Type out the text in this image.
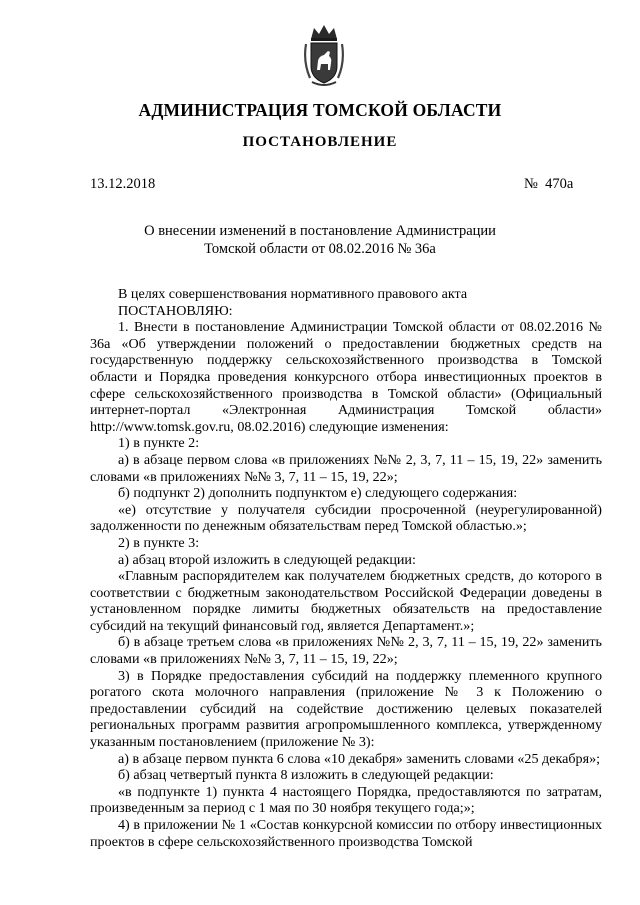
АДМИНИСТРАЦИЯ ТОМСКОЙ ОБЛАСТИ
ПОСТАНОВЛЕНИЕ
13.12.2018	№  470а
О внесении изменений в постановление Администрации
Томской области от 08.02.2016 № 36а

В целях совершенствования нормативного правового акта

ПОСТАНОВЛЯЮ:

1. Внести в постановление Администрации Томской области от 08.02.2016 № 36а «Об утверждении положений о предоставлении бюджетных средств на государственную поддержку сельскохозяйственного производства в Томской области и Порядка проведения конкурсного отбора инвестиционных проектов в сфере сельскохозяйственного производства в Томской области» (Официальный интернет-портал «Электронная Администрация Томской области» http://www.tomsk.gov.ru, 08.02.2016) следующие изменения:

1) в пункте 2:

а) в абзаце первом слова «в приложениях №№ 2, 3, 7, 11 – 15, 19, 22» заменить словами «в приложениях №№ 3, 7, 11 – 15, 19, 22»;

б) подпункт 2) дополнить подпунктом е) следующего содержания:

«е) отсутствие у получателя субсидии просроченной (неурегулированной) задолженности по денежным обязательствам перед Томской областью.»;

2) в пункте 3:

а) абзац второй изложить в следующей редакции:

«Главным распорядителем как получателем бюджетных средств, до которого в соответствии с бюджетным законодательством Российской Федерации доведены в установленном порядке лимиты бюджетных обязательств на предоставление субсидий на текущий финансовый год, является Департамент.»;

б) в абзаце третьем слова «в приложениях №№ 2, 3, 7, 11 – 15, 19, 22» заменить словами «в приложениях №№ 3, 7, 11 – 15, 19, 22»;

3) в Порядке предоставления субсидий на поддержку племенного крупного рогатого скота молочного направления (приложение № 3 к Положению о предоставлении субсидий на содействие достижению целевых показателей региональных программ развития агропромышленного комплекса, утвержденному указанным постановлением (приложение № 3):

а) в абзаце первом пункта 6 слова «10 декабря» заменить словами «25 декабря»;

б) абзац четвертый пункта 8 изложить в следующей редакции:

«в подпункте 1) пункта 4 настоящего Порядка, предоставляются по затратам, произведенным за период с 1 мая по 30 ноября текущего года;»;

4) в приложении № 1 «Состав конкурсной комиссии по отбору инвестиционных проектов в сфере сельскохозяйственного производства Томской
